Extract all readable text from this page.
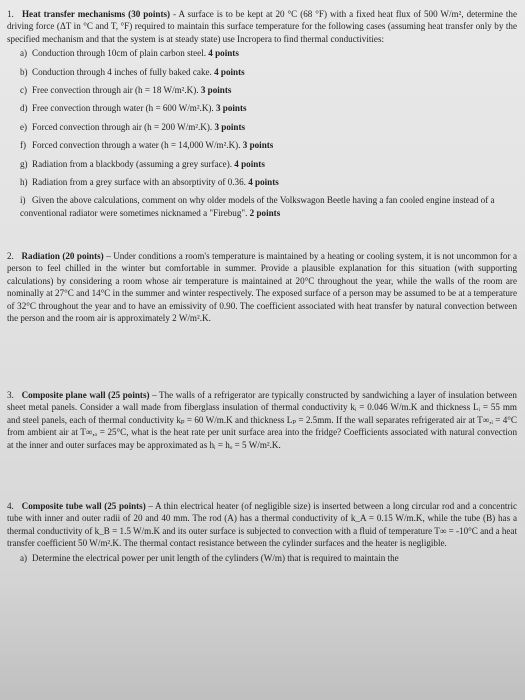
1. Heat transfer mechanisms (30 points) - A surface is to be kept at 20 °C (68 °F) with a fixed heat flux of 500 W/m², determine the driving force (ΔT in °C and T, °F) required to maintain this surface temperature for the following cases (assuming heat transfer only by the specified mechanism and that the system is at steady state) use Incropera to find thermal conductivities:

a) Conduction through 10cm of plain carbon steel. 4 points
b) Conduction through 4 inches of fully baked cake. 4 points
c) Free convection through air (h = 18 W/m².K). 3 points
d) Free convection through water (h = 600 W/m².K). 3 points
e) Forced convection through air (h = 200 W/m².K). 3 points
f) Forced convection through a water (h = 14,000 W/m².K). 3 points
g) Radiation from a blackbody (assuming a grey surface). 4 points
h) Radiation from a grey surface with an absorptivity of 0.36. 4 points
i) Given the above calculations, comment on why older models of the Volkswagon Beetle having a fan cooled engine instead of a conventional radiator were sometimes nicknamed a "Firebug". 2 points

2. Radiation (20 points) – Under conditions a room's temperature is maintained by a heating or cooling system, it is not uncommon for a person to feel chilled in the winter but comfortable in summer. Provide a plausible explanation for this situation (with supporting calculations) by considering a room whose air temperature is maintained at 20°C throughout the year, while the walls of the room are nominally at 27°C and 14°C in the summer and winter respectively. The exposed surface of a person may be assumed to be at a temperature of 32°C throughout the year and to have an emissivity of 0.90. The coefficient associated with heat transfer by natural convection between the person and the room air is approximately 2 W/m².K.

3. Composite plane wall (25 points) – The walls of a refrigerator are typically constructed by sandwiching a layer of insulation between sheet metal panels. Consider a wall made from fiberglass insulation of thermal conductivity kᵢ = 0.046 W/m.K and thickness Lᵢ = 55 mm and steel panels, each of thermal conductivity kₚ = 60 W/m.K and thickness Lₚ = 2.5mm. If the wall separates refrigerated air at T∞,ᵢ = 4°C from ambient air at T∞,ₒ = 25°C, what is the heat rate per unit surface area into the fridge? Coefficients associated with natural convection at the inner and outer surfaces may be approximated as hᵢ = hₒ = 5 W/m².K.

4. Composite tube wall (25 points) – A thin electrical heater (of negligible size) is inserted between a long circular rod and a concentric tube with inner and outer radii of 20 and 40 mm. The rod (A) has a thermal conductivity of k_A = 0.15 W/m.K, while the tube (B) has a thermal conductivity of k_B = 1.5 W/m.K and its outer surface is subjected to convection with a fluid of temperature T∞ = -10°C and a heat transfer coefficient 50 W/m².K. The thermal contact resistance between the cylinder surfaces and the heater is negligible.

a) Determine the electrical power per unit length of the cylinders (W/m) that is required to maintain the
